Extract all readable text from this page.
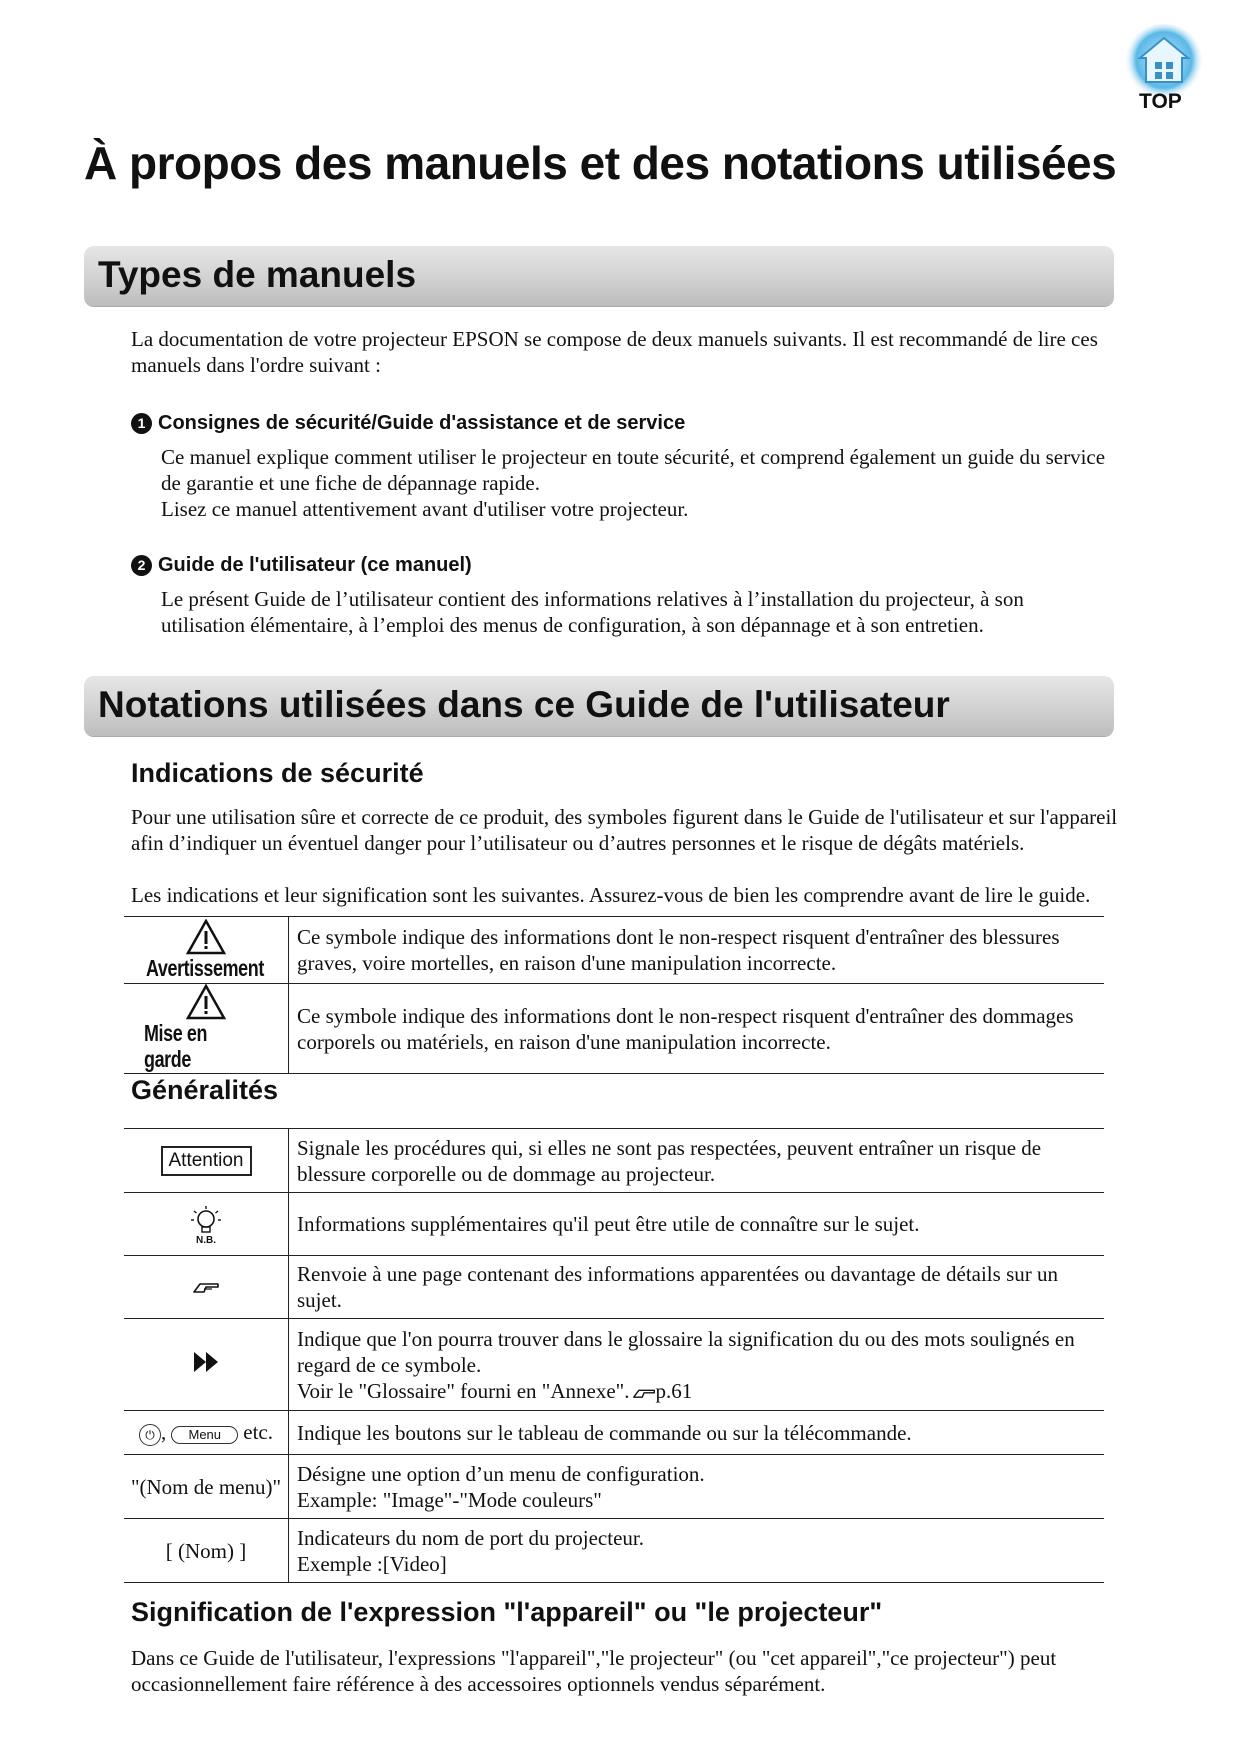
TOP
À propos des manuels et des notations utilisées
Types de manuels

La documentation de votre projecteur EPSON se compose de deux manuels suivants. Il est recommandé de lire ces manuels dans l'ordre suivant :

1 Consignes de sécurité/Guide d'assistance et de service

Ce manuel explique comment utiliser le projecteur en toute sécurité, et comprend également un guide du service de garantie et une fiche de dépannage rapide.

Lisez ce manuel attentivement avant d'utiliser votre projecteur.

2 Guide de l'utilisateur (ce manuel)

Le présent Guide de l’utilisateur contient des informations relatives à l’installation du projecteur, à son utilisation élémentaire, à l’emploi des menus de configuration, à son dépannage et à son entretien.

Notations utilisées dans ce Guide de l'utilisateur
Indications de sécurité

Pour une utilisation sûre et correcte de ce produit, des symboles figurent dans le Guide de l'utilisateur et sur l'appareil afin d’indiquer un éventuel danger pour l’utilisateur ou d’autres personnes et le risque de dégâts matériels.

Les indications et leur signification sont les suivantes. Assurez-vous de bien les comprendre avant de lire le guide.

Avertissement	Ce symbole indique des informations dont le non-respect risquent d'entraîner des blessures graves, voire mortelles, en raison d'une manipulation incorrecte.
Mise en garde	Ce symbole indique des informations dont le non-respect risquent d'entraîner des dommages corporels ou matériels, en raison d'une manipulation incorrecte.
Généralités
Attention	Signale les procédures qui, si elles ne sont pas respectées, peuvent entraîner un risque de blessure corporelle ou de dommage au projecteur.

N.B.	Informations supplémentaires qu'il peut être utile de connaître sur le sujet.
	Renvoie à une page contenant des informations apparentées ou davantage de détails sur un sujet.

Indique que l'on pourra trouver dans le glossaire la signification du ou des mots soulignés en regard de ce symbole.
Voir le "Glossaire" fourni en "Annexe". p.61

⏻ , Menu etc.	Indique les boutons sur le tableau de commande ou sur la télécommande.
"(Nom de menu)"	Désigne une option d’un menu de configuration.
Example: "Image"-"Mode couleurs"

[ (Nom) ]	Indicateurs du nom de port du projecteur.
Exemple :[Video]
Signification de l'expression "l'appareil" ou "le projecteur"

Dans ce Guide de l'utilisateur, l'expressions "l'appareil","le projecteur" (ou "cet appareil","ce projecteur") peut occasionnellement faire référence à des accessoires optionnels vendus séparément.
